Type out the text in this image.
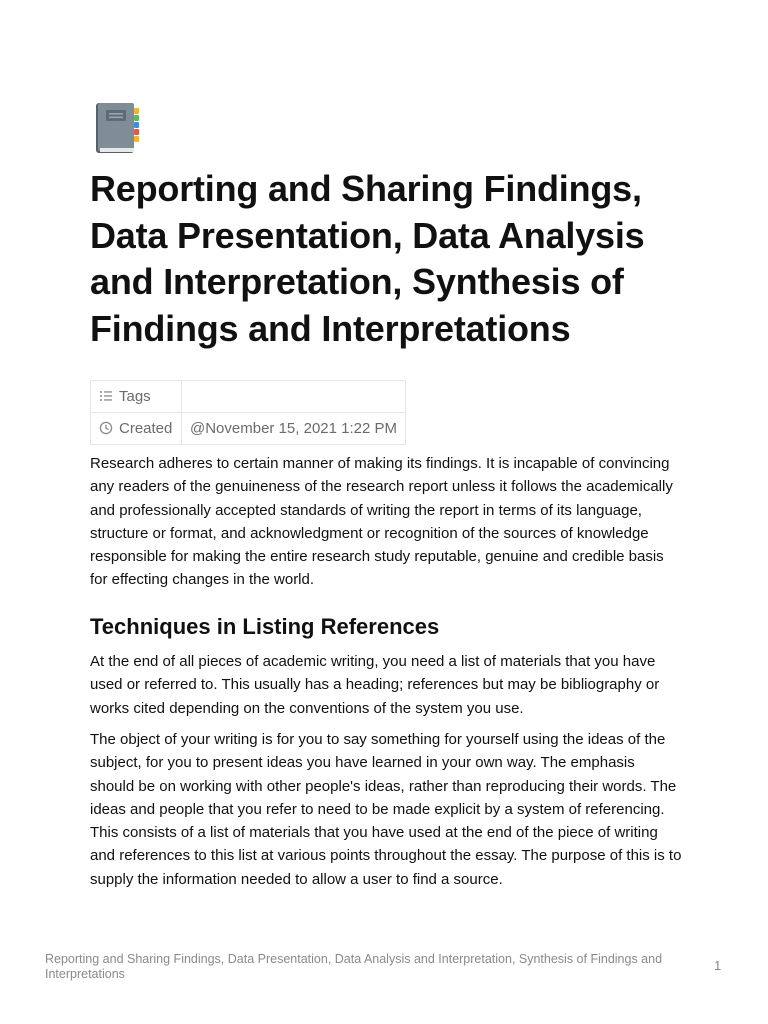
Reporting and Sharing Findings, Data Presentation, Data Analysis and Interpretation, Synthesis of Findings and Interpretations
Tags	
Created	@November 15, 2021 1:22 PM

Research adheres to certain manner of making its findings. It is incapable of convincing any readers of the genuineness of the research report unless it follows the academically and professionally accepted standards of writing the report in terms of its language, structure or format, and acknowledgment or recognition of the sources of knowledge responsible for making the entire research study reputable, genuine and credible basis for effecting changes in the world.

Techniques in Listing References

At the end of all pieces of academic writing, you need a list of materials that you have used or referred to. This usually has a heading; references but may be bibliography or works cited depending on the conventions of the system you use.

The object of your writing is for you to say something for yourself using the ideas of the subject, for you to present ideas you have learned in your own way. The emphasis should be on working with other people's ideas, rather than reproducing their words. The ideas and people that you refer to need to be made explicit by a system of referencing. This consists of a list of materials that you have used at the end of the piece of writing and references to this list at various points throughout the essay. The purpose of this is to supply the information needed to allow a user to find a source.

Reporting and Sharing Findings, Data Presentation, Data Analysis and Interpretation, Synthesis of Findings and Interpretations
1
